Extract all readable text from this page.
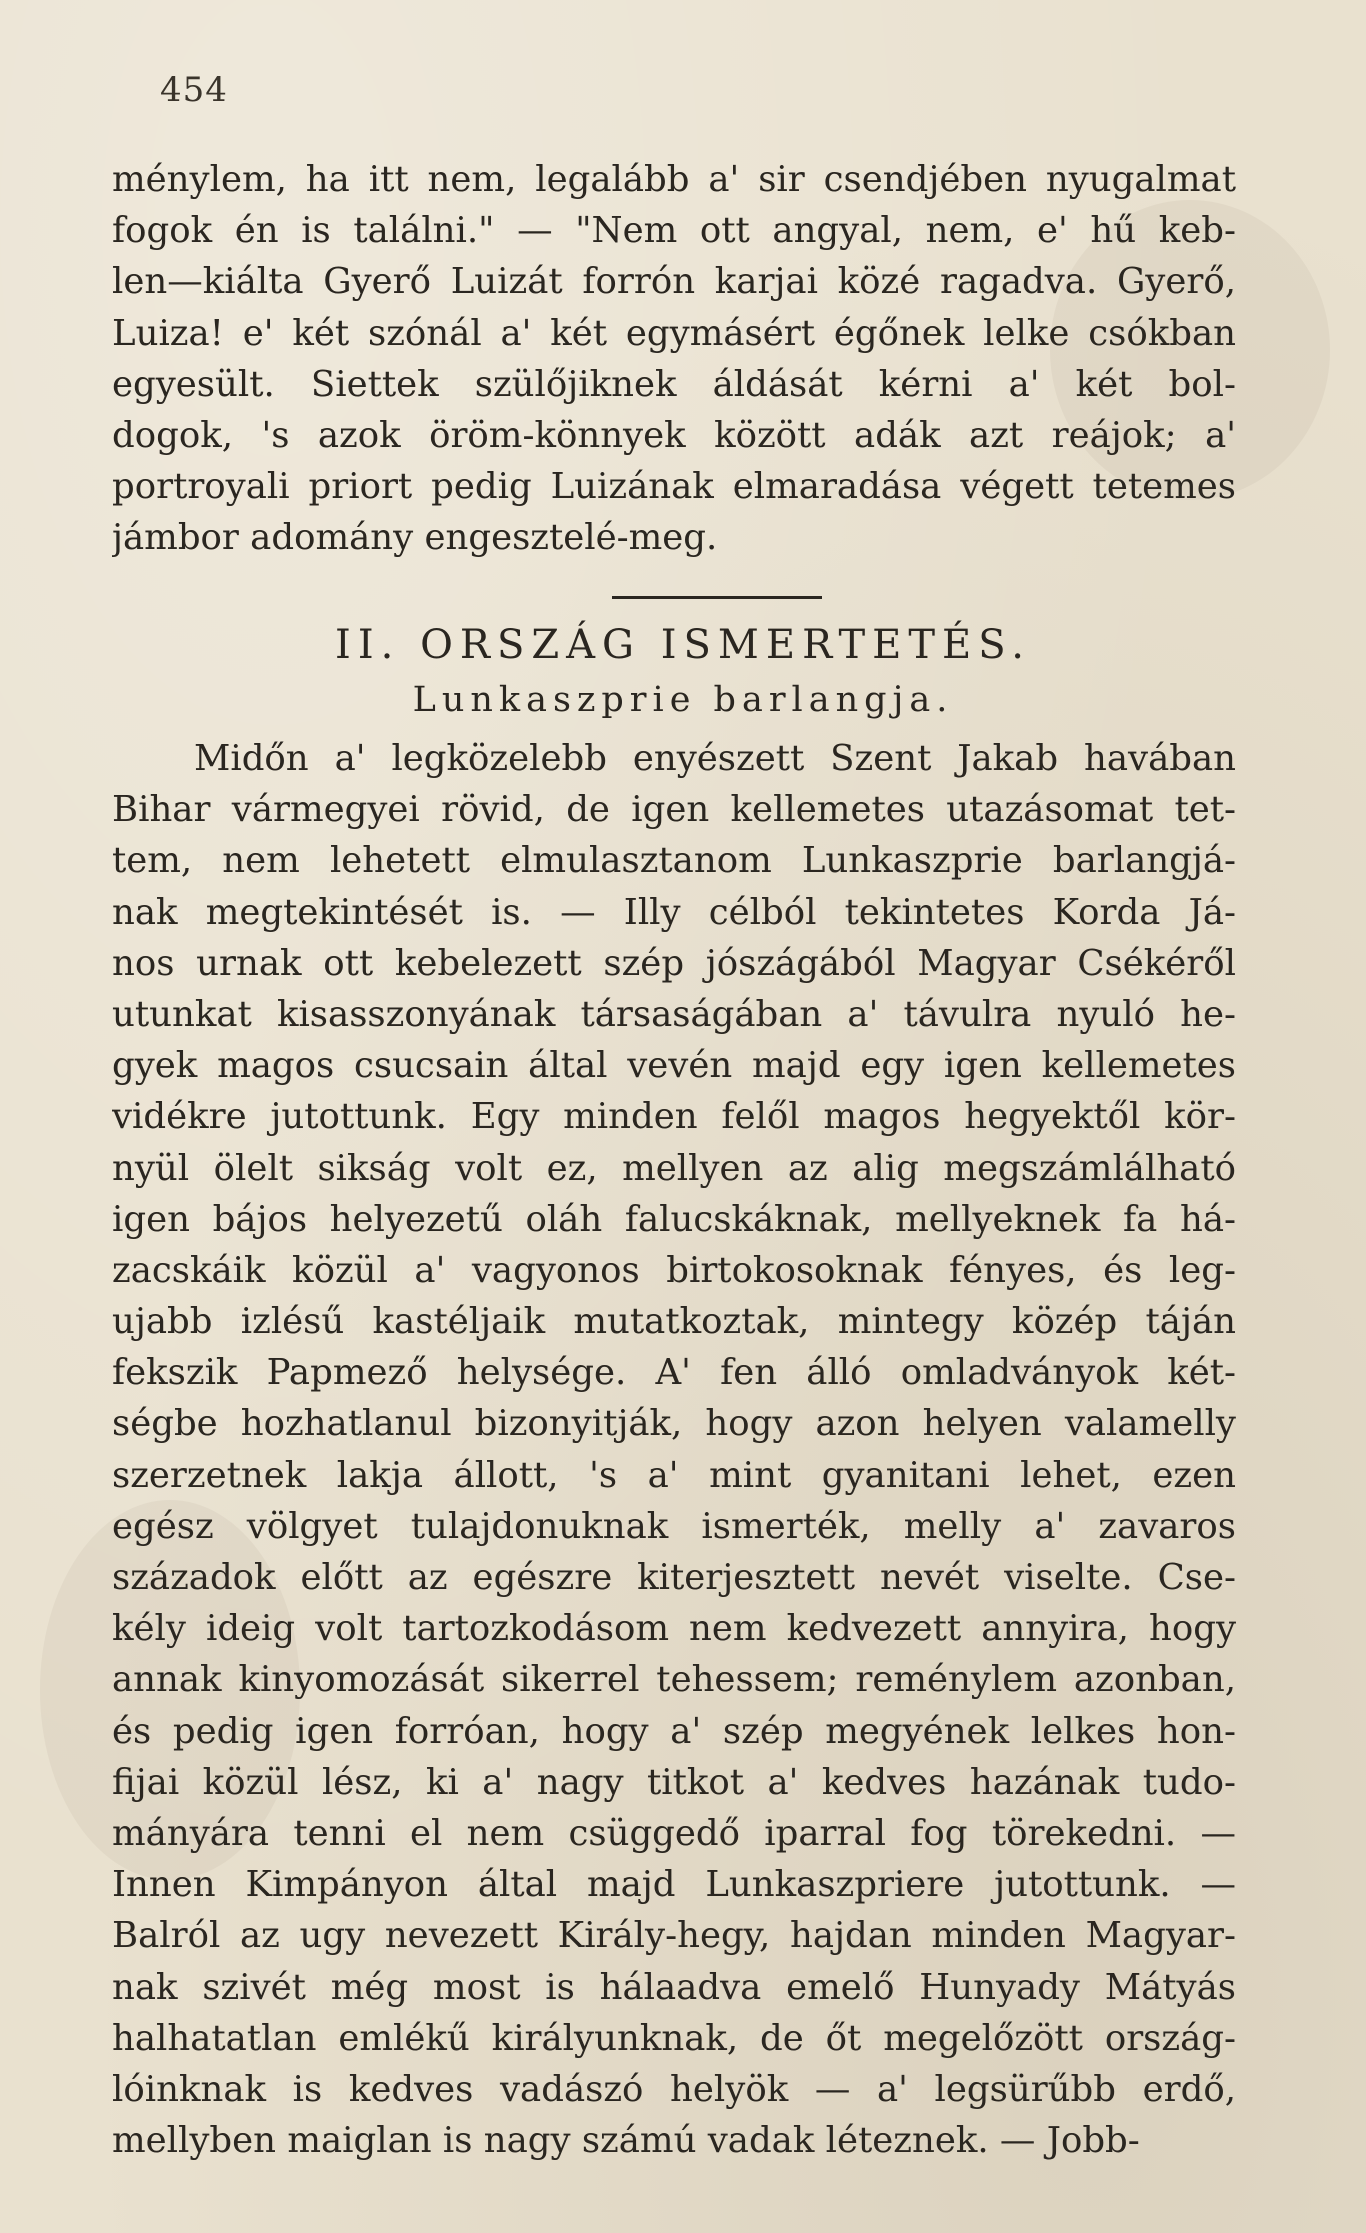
454
ménylem, ha itt nem, legalább a' sir csendjében nyugalmat
fogok én is találni." — "Nem ott angyal, nem, e' hű keb-
len—kiálta Gyerő Luizát forrón karjai közé ragadva. Gyerő,
Luiza! e' két szónál a' két egymásért égőnek lelke csókban
egyesült. Siettek szülőjiknek áldását kérni a' két bol-
dogok, 's azok öröm-könnyek között adák azt reájok; a'
portroyali priort pedig Luizának elmaradása végett tetemes
jámbor adomány engesztelé-meg.
II. ORSZÁG ISMERTETÉS.
Lunkaszprie barlangja.
Midőn a' legközelebb enyészett Szent Jakab havában
Bihar vármegyei rövid, de igen kellemetes utazásomat tet-
tem, nem lehetett elmulasztanom Lunkaszprie barlangjá-
nak megtekintését is. — Illy célból tekintetes Korda Já-
nos urnak ott kebelezett szép jószágából Magyar Csékéről
utunkat kisasszonyának társaságában a' távulra nyuló he-
gyek magos csucsain által vevén majd egy igen kellemetes
vidékre jutottunk. Egy minden felől magos hegyektől kör-
nyül ölelt sikság volt ez, mellyen az alig megszámlálható
igen bájos helyezetű oláh falucskáknak, mellyeknek fa há-
zacskáik közül a' vagyonos birtokosoknak fényes, és leg-
ujabb izlésű kastéljaik mutatkoztak, mintegy közép táján
fekszik Papmező helysége. A' fen álló omladványok két-
ségbe hozhatlanul bizonyitják, hogy azon helyen valamelly
szerzetnek lakja állott, 's a' mint gyanitani lehet, ezen
egész völgyet tulajdonuknak ismerték, melly a' zavaros
századok előtt az egészre kiterjesztett nevét viselte. Cse-
kély ideig volt tartozkodásom nem kedvezett annyira, hogy
annak kinyomozását sikerrel tehessem; reménylem azonban,
és pedig igen forróan, hogy a' szép megyének lelkes hon-
fijai közül lész, ki a' nagy titkot a' kedves hazának tudo-
mányára tenni el nem csüggedő iparral fog törekedni. —
Innen Kimpányon által majd Lunkaszpriere jutottunk. —
Balról az ugy nevezett Király-hegy, hajdan minden Magyar-
nak szivét még most is hálaadva emelő Hunyady Mátyás
halhatatlan emlékű királyunknak, de őt megelőzött ország-
lóinknak is kedves vadászó helyök — a' legsürűbb erdő,
mellyben maiglan is nagy számú vadak léteznek. — Jobb-
